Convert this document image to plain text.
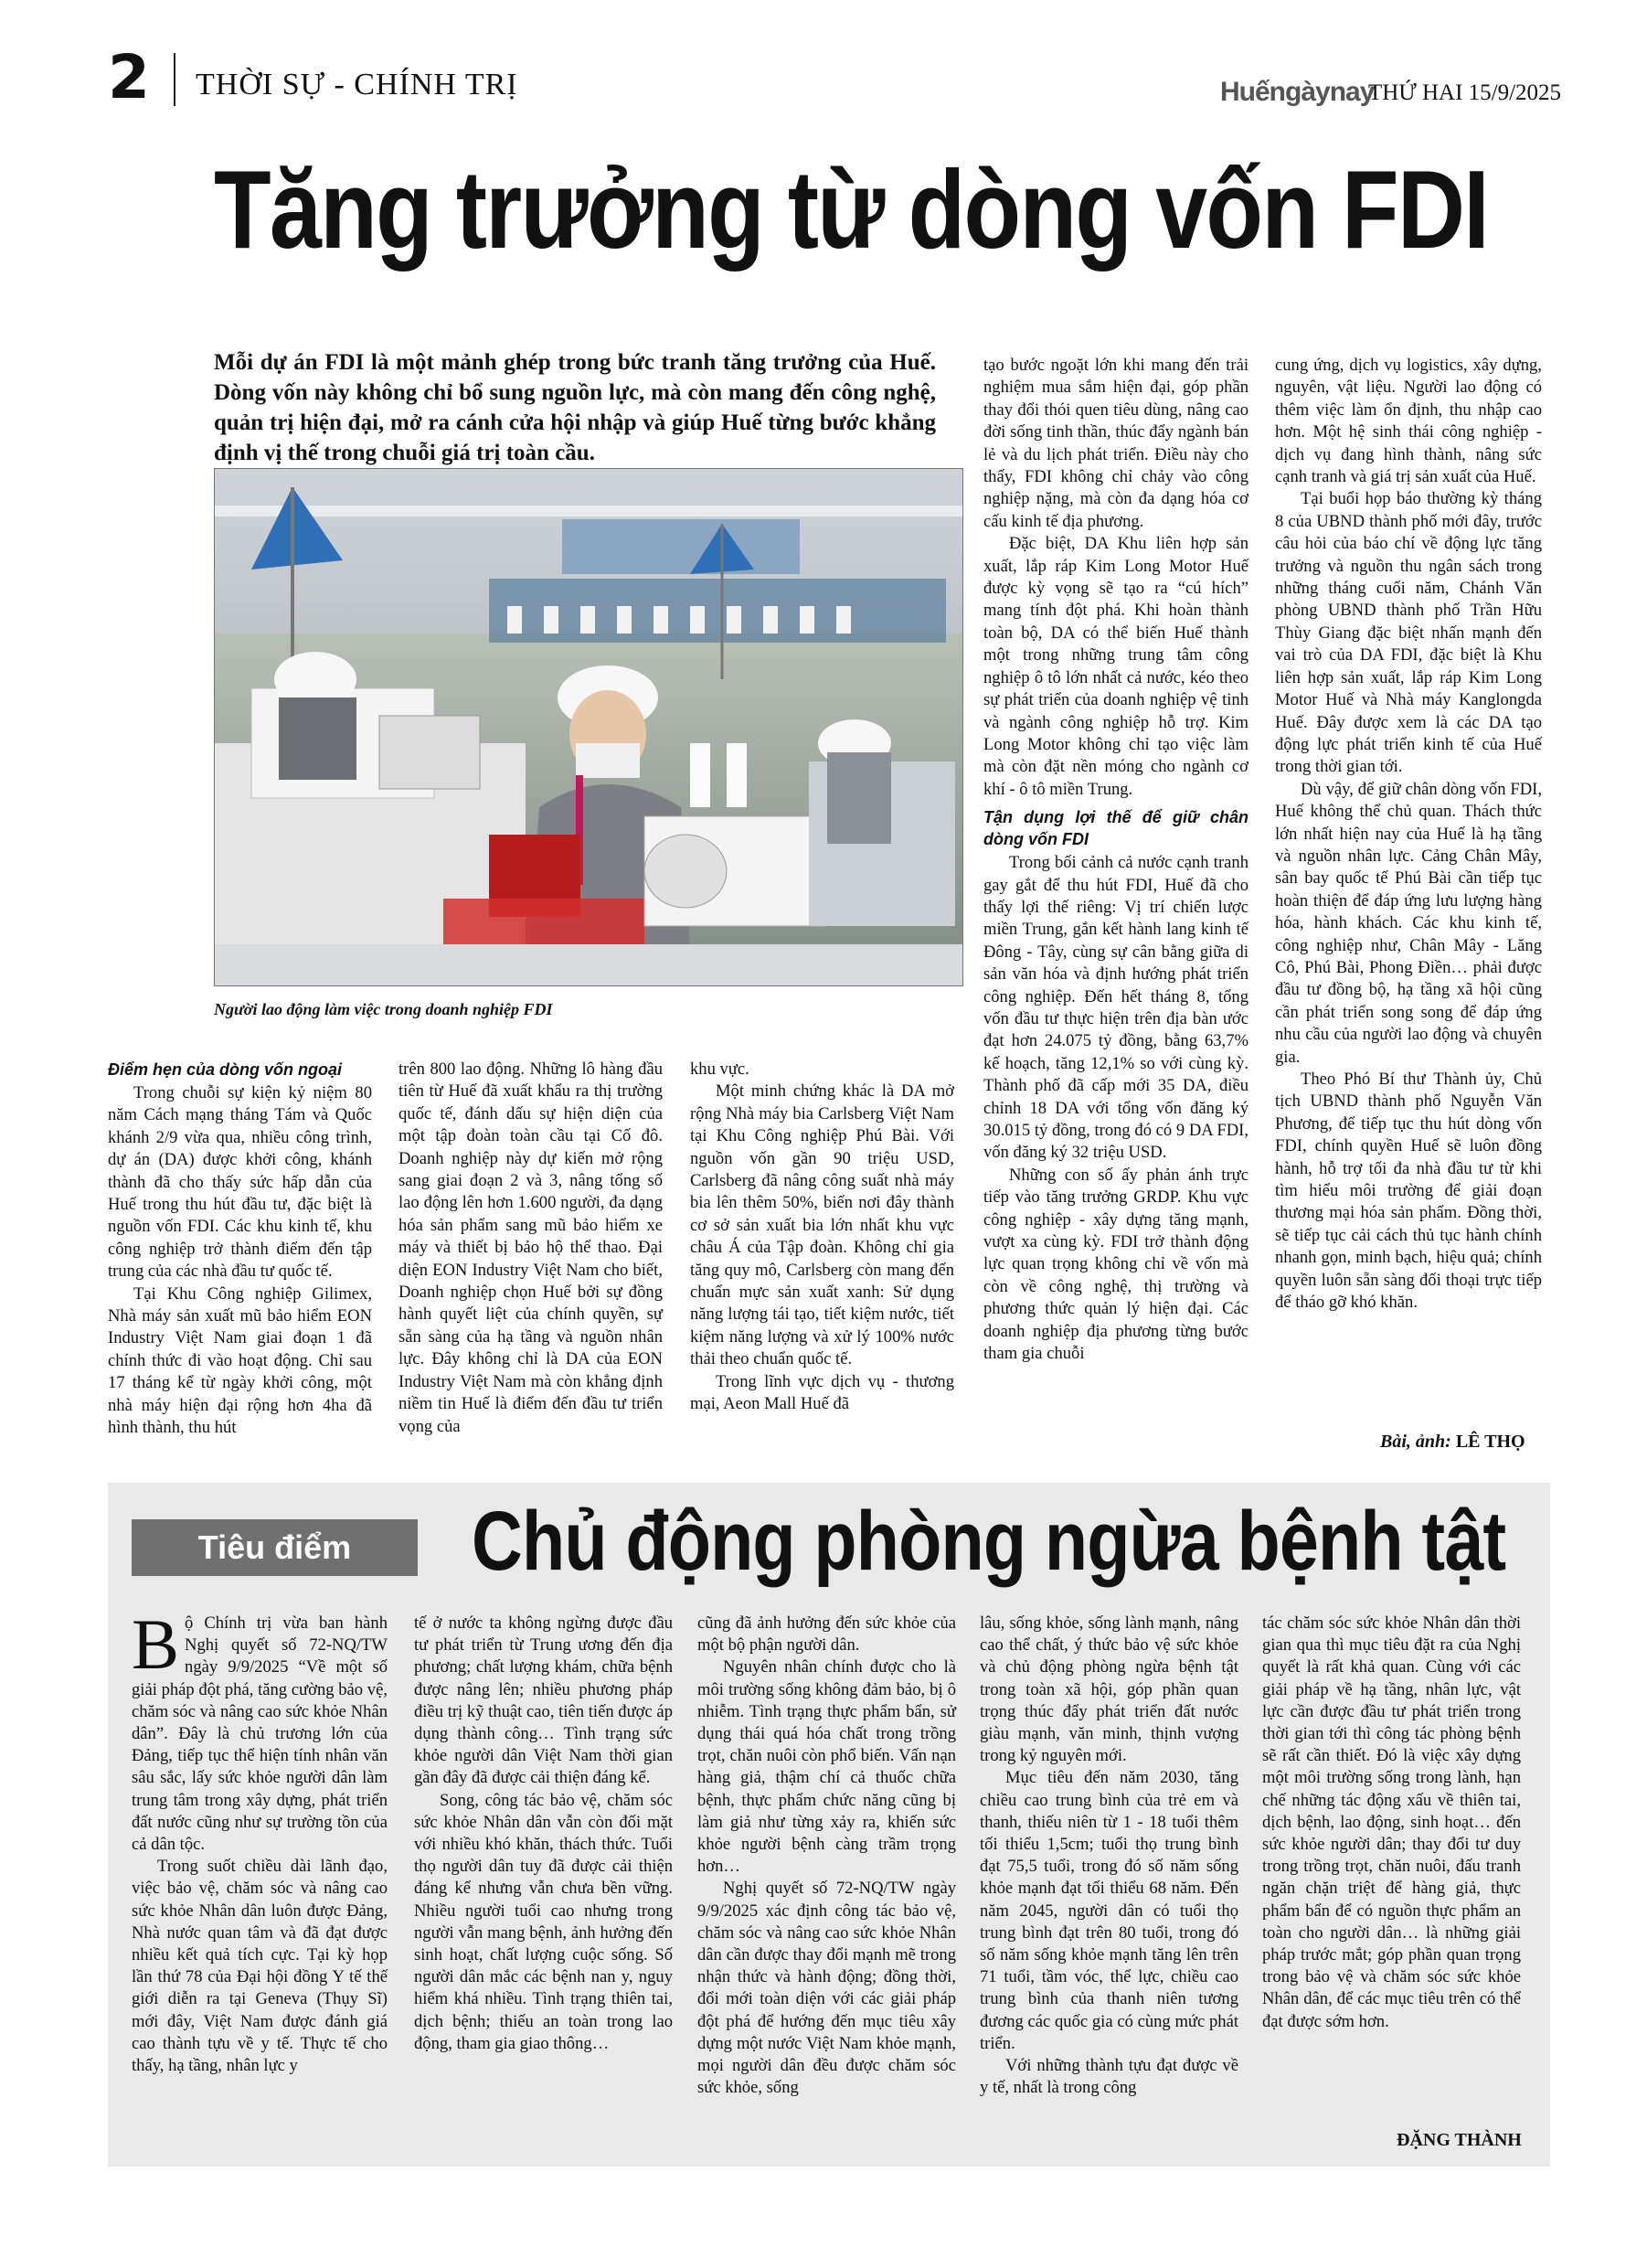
2 THỜI SỰ - CHÍNH TRỊ	Huếngàynay
THỨ HAI 15/9/2025
Tăng trưởng từ dòng vốn FDI
Mỗi dự án FDI là một mảnh ghép trong bức tranh tăng trưởng của Huế. Dòng vốn này không chỉ bổ sung nguồn lực, mà còn mang đến công nghệ, quản trị hiện đại, mở ra cánh cửa hội nhập và giúp Huế từng bước khẳng định vị thế trong chuỗi giá trị toàn cầu.
Người lao động làm việc trong doanh nghiệp FDI
Điểm hẹn của dòng vốn ngoại

Trong chuỗi sự kiện kỷ niệm 80 năm Cách mạng tháng Tám và Quốc khánh 2/9 vừa qua, nhiều công trình, dự án (DA) được khởi công, khánh thành đã cho thấy sức hấp dẫn của Huế trong thu hút đầu tư, đặc biệt là nguồn vốn FDI. Các khu kinh tế, khu công nghiệp trở thành điểm đến tập trung của các nhà đầu tư quốc tế.

Tại Khu Công nghiệp Gilimex, Nhà máy sản xuất mũ bảo hiểm EON Industry Việt Nam giai đoạn 1 đã chính thức đi vào hoạt động. Chỉ sau 17 tháng kể từ ngày khởi công, một nhà máy hiện đại rộng hơn 4ha đã hình thành, thu hút

trên 800 lao động. Những lô hàng đầu tiên từ Huế đã xuất khẩu ra thị trường quốc tế, đánh dấu sự hiện diện của một tập đoàn toàn cầu tại Cố đô. Doanh nghiệp này dự kiến mở rộng sang giai đoạn 2 và 3, nâng tổng số lao động lên hơn 1.600 người, đa dạng hóa sản phẩm sang mũ bảo hiểm xe máy và thiết bị bảo hộ thể thao. Đại diện EON Industry Việt Nam cho biết, Doanh nghiệp chọn Huế bởi sự đồng hành quyết liệt của chính quyền, sự sẵn sàng của hạ tầng và nguồn nhân lực. Đây không chỉ là DA của EON Industry Việt Nam mà còn khẳng định niềm tin Huế là điểm đến đầu tư triển vọng của

khu vực.

Một minh chứng khác là DA mở rộng Nhà máy bia Carlsberg Việt Nam tại Khu Công nghiệp Phú Bài. Với nguồn vốn gần 90 triệu USD, Carlsberg đã nâng công suất nhà máy bia lên thêm 50%, biến nơi đây thành cơ sở sản xuất bia lớn nhất khu vực châu Á của Tập đoàn. Không chỉ gia tăng quy mô, Carlsberg còn mang đến chuẩn mực sản xuất xanh: Sử dụng năng lượng tái tạo, tiết kiệm nước, tiết kiệm năng lượng và xử lý 100% nước thải theo chuẩn quốc tế.

Trong lĩnh vực dịch vụ - thương mại, Aeon Mall Huế đã

tạo bước ngoặt lớn khi mang đến trải nghiệm mua sắm hiện đại, góp phần thay đổi thói quen tiêu dùng, nâng cao đời sống tinh thần, thúc đẩy ngành bán lẻ và du lịch phát triển. Điều này cho thấy, FDI không chỉ chảy vào công nghiệp nặng, mà còn đa dạng hóa cơ cấu kinh tế địa phương.

Đặc biệt, DA Khu liên hợp sản xuất, lắp ráp Kim Long Motor Huế được kỳ vọng sẽ tạo ra “cú hích” mang tính đột phá. Khi hoàn thành toàn bộ, DA có thể biến Huế thành một trong những trung tâm công nghiệp ô tô lớn nhất cả nước, kéo theo sự phát triển của doanh nghiệp vệ tinh và ngành công nghiệp hỗ trợ. Kim Long Motor không chỉ tạo việc làm mà còn đặt nền móng cho ngành cơ khí - ô tô miền Trung.

Tận dụng lợi thế để giữ chân dòng vốn FDI

Trong bối cảnh cả nước cạnh tranh gay gắt để thu hút FDI, Huế đã cho thấy lợi thế riêng: Vị trí chiến lược miền Trung, gắn kết hành lang kinh tế Đông - Tây, cùng sự cân bằng giữa di sản văn hóa và định hướng phát triển công nghiệp. Đến hết tháng 8, tổng vốn đầu tư thực hiện trên địa bàn ước đạt hơn 24.075 tỷ đồng, bằng 63,7% kế hoạch, tăng 12,1% so với cùng kỳ. Thành phố đã cấp mới 35 DA, điều chỉnh 18 DA với tổng vốn đăng ký 30.015 tỷ đồng, trong đó có 9 DA FDI, vốn đăng ký 32 triệu USD.

Những con số ấy phản ánh trực tiếp vào tăng trưởng GRDP. Khu vực công nghiệp - xây dựng tăng mạnh, vượt xa cùng kỳ. FDI trở thành động lực quan trọng không chỉ về vốn mà còn về công nghệ, thị trường và phương thức quản lý hiện đại. Các doanh nghiệp địa phương từng bước tham gia chuỗi

cung ứng, dịch vụ logistics, xây dựng, nguyên, vật liệu. Người lao động có thêm việc làm ổn định, thu nhập cao hơn. Một hệ sinh thái công nghiệp - dịch vụ đang hình thành, nâng sức cạnh tranh và giá trị sản xuất của Huế.

Tại buổi họp báo thường kỳ tháng 8 của UBND thành phố mới đây, trước câu hỏi của báo chí về động lực tăng trưởng và nguồn thu ngân sách trong những tháng cuối năm, Chánh Văn phòng UBND thành phố Trần Hữu Thùy Giang đặc biệt nhấn mạnh đến vai trò của DA FDI, đặc biệt là Khu liên hợp sản xuất, lắp ráp Kim Long Motor Huế và Nhà máy Kanglongda Huế. Đây được xem là các DA tạo động lực phát triển kinh tế của Huế trong thời gian tới.

Dù vậy, để giữ chân dòng vốn FDI, Huế không thể chủ quan. Thách thức lớn nhất hiện nay của Huế là hạ tầng và nguồn nhân lực. Cảng Chân Mây, sân bay quốc tế Phú Bài cần tiếp tục hoàn thiện để đáp ứng lưu lượng hàng hóa, hành khách. Các khu kinh tế, công nghiệp như, Chân Mây - Lăng Cô, Phú Bài, Phong Điền… phải được đầu tư đồng bộ, hạ tầng xã hội cũng cần phát triển song song để đáp ứng nhu cầu của người lao động và chuyên gia.

Theo Phó Bí thư Thành ủy, Chủ tịch UBND thành phố Nguyễn Văn Phương, để tiếp tục thu hút dòng vốn FDI, chính quyền Huế sẽ luôn đồng hành, hỗ trợ tối đa nhà đầu tư từ khi tìm hiểu môi trường để giải đoạn thương mại hóa sản phẩm. Đồng thời, sẽ tiếp tục cải cách thủ tục hành chính nhanh gọn, minh bạch, hiệu quả; chính quyền luôn sẵn sàng đối thoại trực tiếp để tháo gỡ khó khăn.

Bài, ảnh: LÊ THỌ
Tiêu điểm	Chủ động phòng ngừa bệnh tật

Bộ Chính trị vừa ban hành Nghị quyết số 72-NQ/TW ngày 9/9/2025 “Về một số giải pháp đột phá, tăng cường bảo vệ, chăm sóc và nâng cao sức khỏe Nhân dân”. Đây là chủ trương lớn của Đảng, tiếp tục thể hiện tính nhân văn sâu sắc, lấy sức khỏe người dân làm trung tâm trong xây dựng, phát triển đất nước cũng như sự trường tồn của cả dân tộc.

Trong suốt chiều dài lãnh đạo, việc bảo vệ, chăm sóc và nâng cao sức khỏe Nhân dân luôn được Đảng, Nhà nước quan tâm và đã đạt được nhiều kết quả tích cực. Tại kỳ họp lần thứ 78 của Đại hội đồng Y tế thế giới diễn ra tại Geneva (Thụy Sĩ) mới đây, Việt Nam được đánh giá cao thành tựu về y tế. Thực tế cho thấy, hạ tầng, nhân lực y

tế ở nước ta không ngừng được đầu tư phát triển từ Trung ương đến địa phương; chất lượng khám, chữa bệnh được nâng lên; nhiều phương pháp điều trị kỹ thuật cao, tiên tiến được áp dụng thành công… Tình trạng sức khỏe người dân Việt Nam thời gian gần đây đã được cải thiện đáng kể.

Song, công tác bảo vệ, chăm sóc sức khỏe Nhân dân vẫn còn đối mặt với nhiều khó khăn, thách thức. Tuổi thọ người dân tuy đã được cải thiện đáng kể nhưng vẫn chưa bền vững. Nhiều người tuổi cao nhưng trong người vẫn mang bệnh, ảnh hưởng đến sinh hoạt, chất lượng cuộc sống. Số người dân mắc các bệnh nan y, nguy hiểm khá nhiều. Tình trạng thiên tai, dịch bệnh; thiếu an toàn trong lao động, tham gia giao thông…

cũng đã ảnh hưởng đến sức khỏe của một bộ phận người dân.

Nguyên nhân chính được cho là môi trường sống không đảm bảo, bị ô nhiễm. Tình trạng thực phẩm bẩn, sử dụng thái quá hóa chất trong trồng trọt, chăn nuôi còn phổ biến. Vấn nạn hàng giả, thậm chí cả thuốc chữa bệnh, thực phẩm chức năng cũng bị làm giả như từng xảy ra, khiến sức khỏe người bệnh càng trầm trọng hơn…

Nghị quyết số 72-NQ/TW ngày 9/9/2025 xác định công tác bảo vệ, chăm sóc và nâng cao sức khỏe Nhân dân cần được thay đổi mạnh mẽ trong nhận thức và hành động; đồng thời, đổi mới toàn diện với các giải pháp đột phá để hướng đến mục tiêu xây dựng một nước Việt Nam khỏe mạnh, mọi người dân đều được chăm sóc sức khỏe, sống

lâu, sống khỏe, sống lành mạnh, nâng cao thể chất, ý thức bảo vệ sức khỏe và chủ động phòng ngừa bệnh tật trong toàn xã hội, góp phần quan trọng thúc đẩy phát triển đất nước giàu mạnh, văn minh, thịnh vượng trong kỷ nguyên mới.

Mục tiêu đến năm 2030, tăng chiều cao trung bình của trẻ em và thanh, thiếu niên từ 1 - 18 tuổi thêm tối thiểu 1,5cm; tuổi thọ trung bình đạt 75,5 tuổi, trong đó số năm sống khỏe mạnh đạt tối thiểu 68 năm. Đến năm 2045, người dân có tuổi thọ trung bình đạt trên 80 tuổi, trong đó số năm sống khỏe mạnh tăng lên trên 71 tuổi, tầm vóc, thể lực, chiều cao trung bình của thanh niên tương đương các quốc gia có cùng mức phát triển.

Với những thành tựu đạt được về y tế, nhất là trong công

tác chăm sóc sức khỏe Nhân dân thời gian qua thì mục tiêu đặt ra của Nghị quyết là rất khả quan. Cùng với các giải pháp về hạ tầng, nhân lực, vật lực cần được đầu tư phát triển trong thời gian tới thì công tác phòng bệnh sẽ rất cần thiết. Đó là việc xây dựng một môi trường sống trong lành, hạn chế những tác động xấu về thiên tai, dịch bệnh, lao động, sinh hoạt… đến sức khỏe người dân; thay đổi tư duy trong trồng trọt, chăn nuôi, đấu tranh ngăn chặn triệt để hàng giả, thực phẩm bẩn để có nguồn thực phẩm an toàn cho người dân… là những giải pháp trước mắt; góp phần quan trọng trong bảo vệ và chăm sóc sức khỏe Nhân dân, để các mục tiêu trên có thể đạt được sớm hơn.

ĐẶNG THÀNH
